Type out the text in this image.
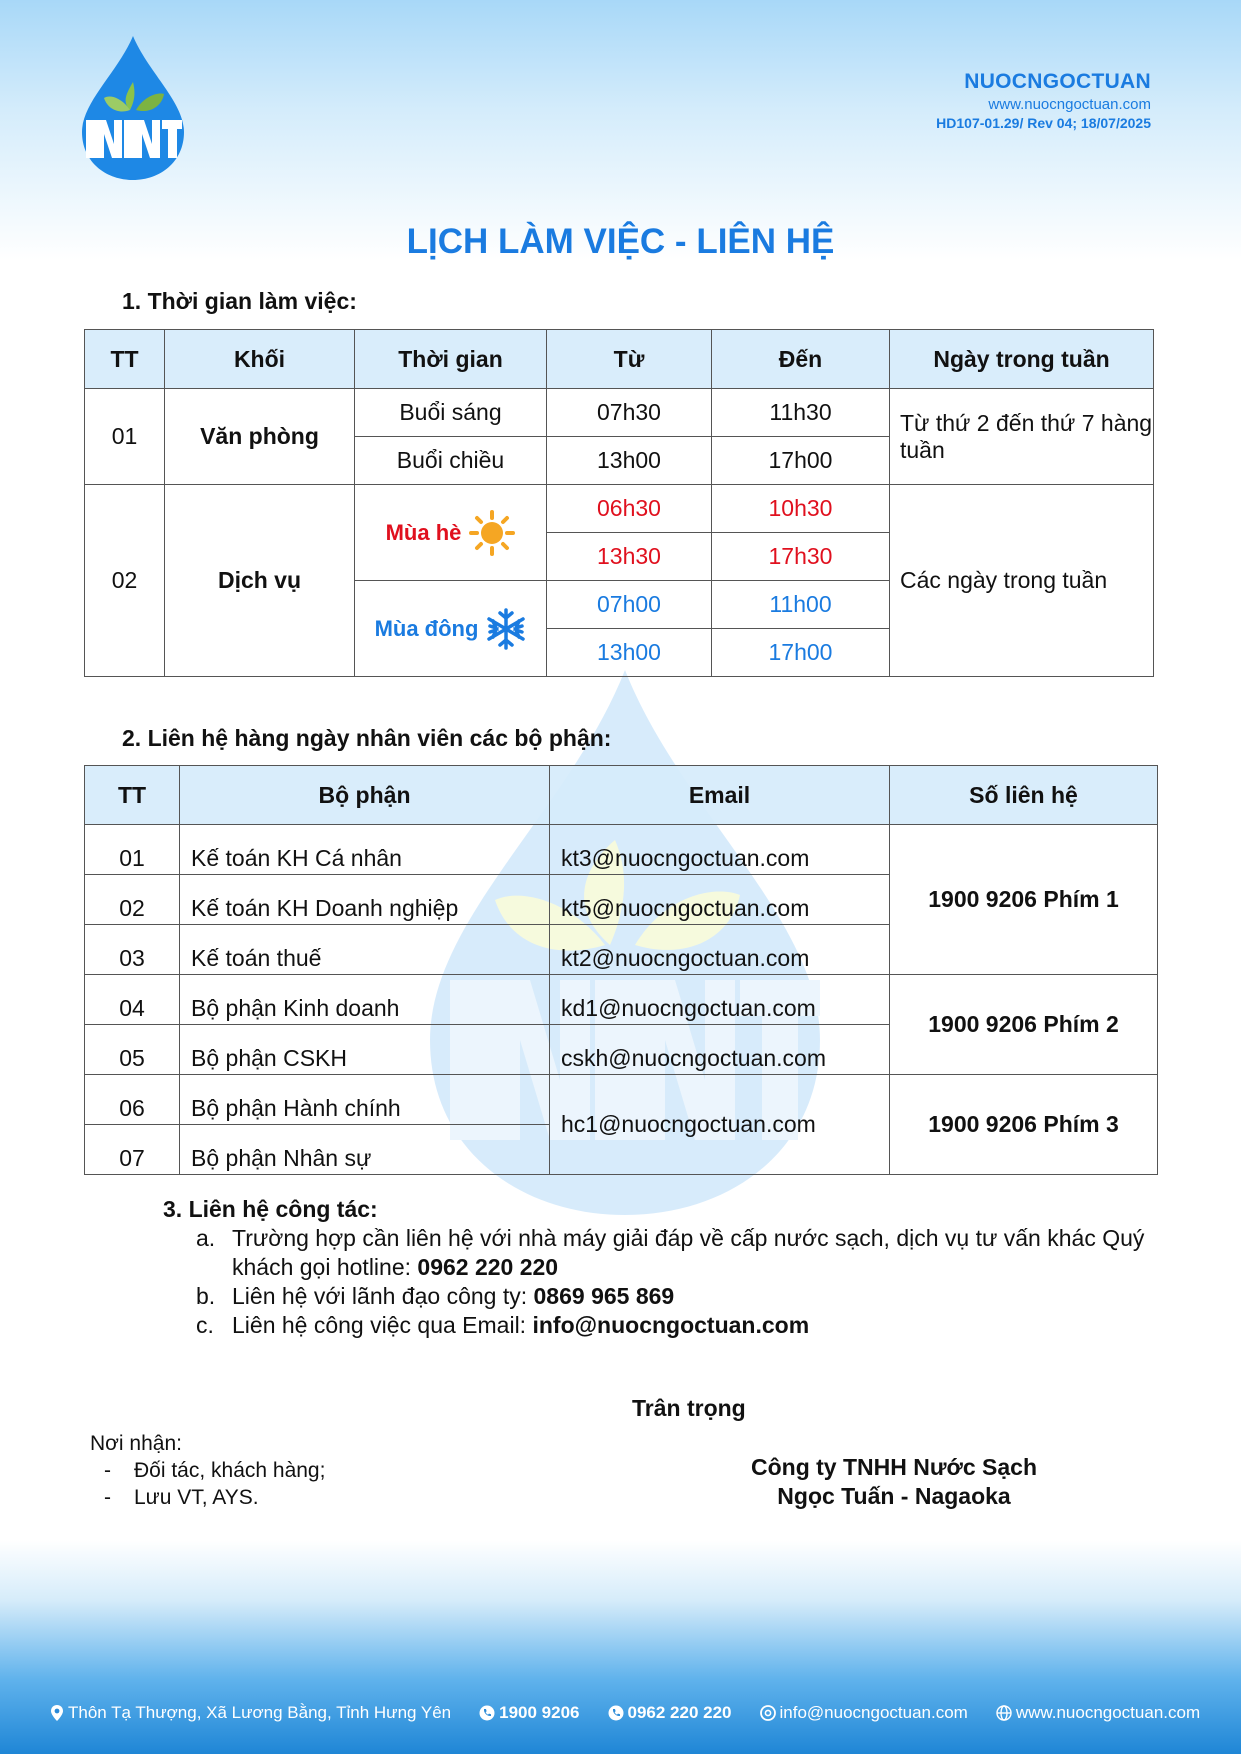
NUOCNGOCTUAN
www.nuocngoctuan.com
HD107-01.29/ Rev 04; 18/07/2025
LỊCH LÀM VIỆC - LIÊN HỆ
1. Thời gian làm việc:
TT	Khối	Thời gian	Từ	Đến	Ngày trong tuần
01	Văn phòng	Buổi sáng	07h30	11h30	Từ thứ 2 đến thứ 7 hàng tuần
		Buổi chiều	13h00	17h00	
02	Dịch vụ	Mùa hè	06h30	10h30	Các ngày trong tuần
			13h30	17h30	

		Mùa đông	07h00	11h00	
			13h00	17h00	
2. Liên hệ hàng ngày nhân viên các bộ phận:
TT	Bộ phận	Email	Số liên hệ
01	Kế toán KH Cá nhân	kt3@nuocngoctuan.com	1900 9206 Phím 1
02	Kế toán KH Doanh nghiệp	kt5@nuocngoctuan.com	
03	Kế toán thuế	kt2@nuocngoctuan.com	
04	Bộ phận Kinh doanh	kd1@nuocngoctuan.com	1900 9206 Phím 2
05	Bộ phận CSKH	cskh@nuocngoctuan.com	
06	Bộ phận Hành chính	hc1@nuocngoctuan.com	1900 9206 Phím 3
07	Bộ phận Nhân sự		
3. Liên hệ công tác:
a. Trường hợp cần liên hệ với nhà máy giải đáp về cấp nước sạch, dịch vụ tư vấn khác Quý khách gọi hotline: 0962 220 220
b. Liên hệ với lãnh đạo công ty: 0869 965 869
c. Liên hệ công việc qua Email: info@nuocngoctuan.com
Trân trọng
Nơi nhận:
- Đối tác, khách hàng;
- Lưu VT, AYS.
Công ty TNHH Nước Sạch
Ngọc Tuấn - Nagaoka
Thôn Tạ Thượng, Xã Lương Bằng, Tỉnh Hưng Yên	1900 9206	0962 220 220	info@nuocngoctuan.com	www.nuocngoctuan.com
